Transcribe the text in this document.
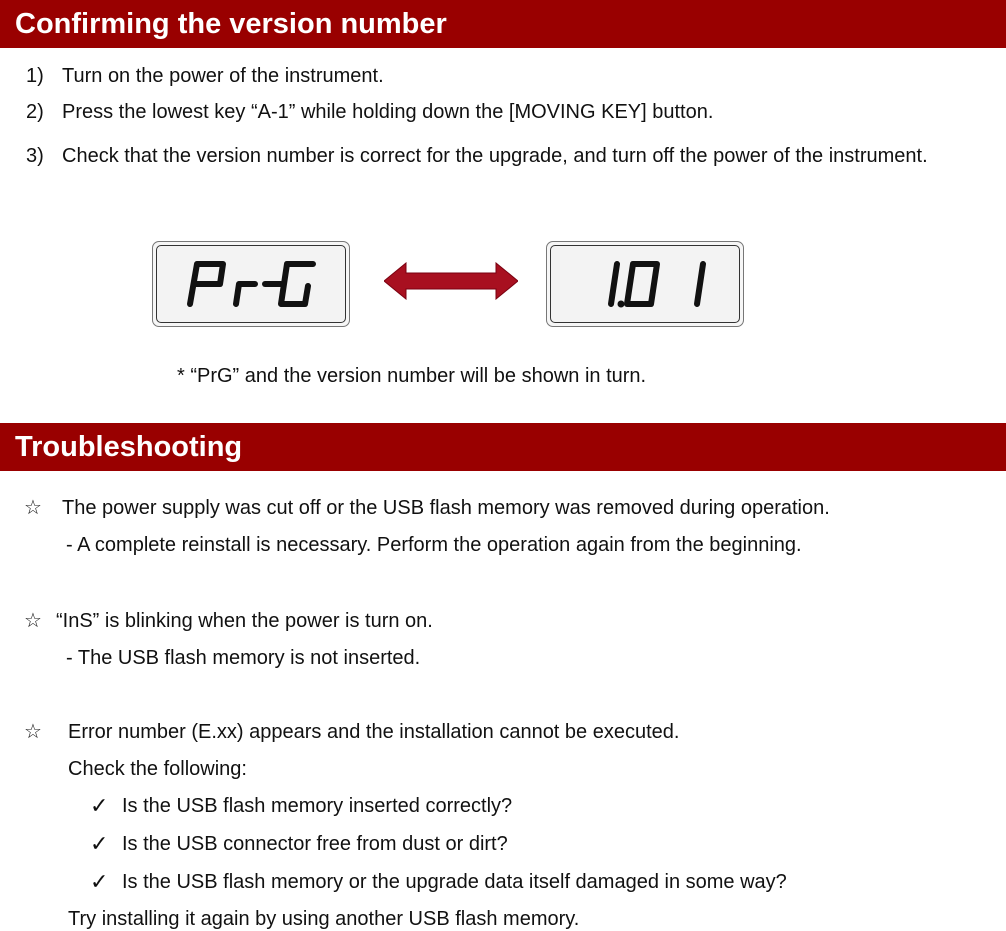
Confirming the version number
1) Turn on the power of the instrument.
2) Press the lowest key “A-1” while holding down the [MOVING KEY] button.
3) Check that the version number is correct for the upgrade, and turn off the power of the instrument.
* “PrG” and the version number will be shown in turn.
Troubleshooting
☆ The power supply was cut off or the USB flash memory was removed during operation.
- A complete reinstall is necessary. Perform the operation again from the beginning.
☆ “InS” is blinking when the power is turn on.
- The USB flash memory is not inserted.
☆ Error number (E.xx) appears and the installation cannot be executed.
Check the following:
✓ Is the USB flash memory inserted correctly?
✓ Is the USB connector free from dust or dirt?
✓ Is the USB flash memory or the upgrade data itself damaged in some way?
Try installing it again by using another USB flash memory.
